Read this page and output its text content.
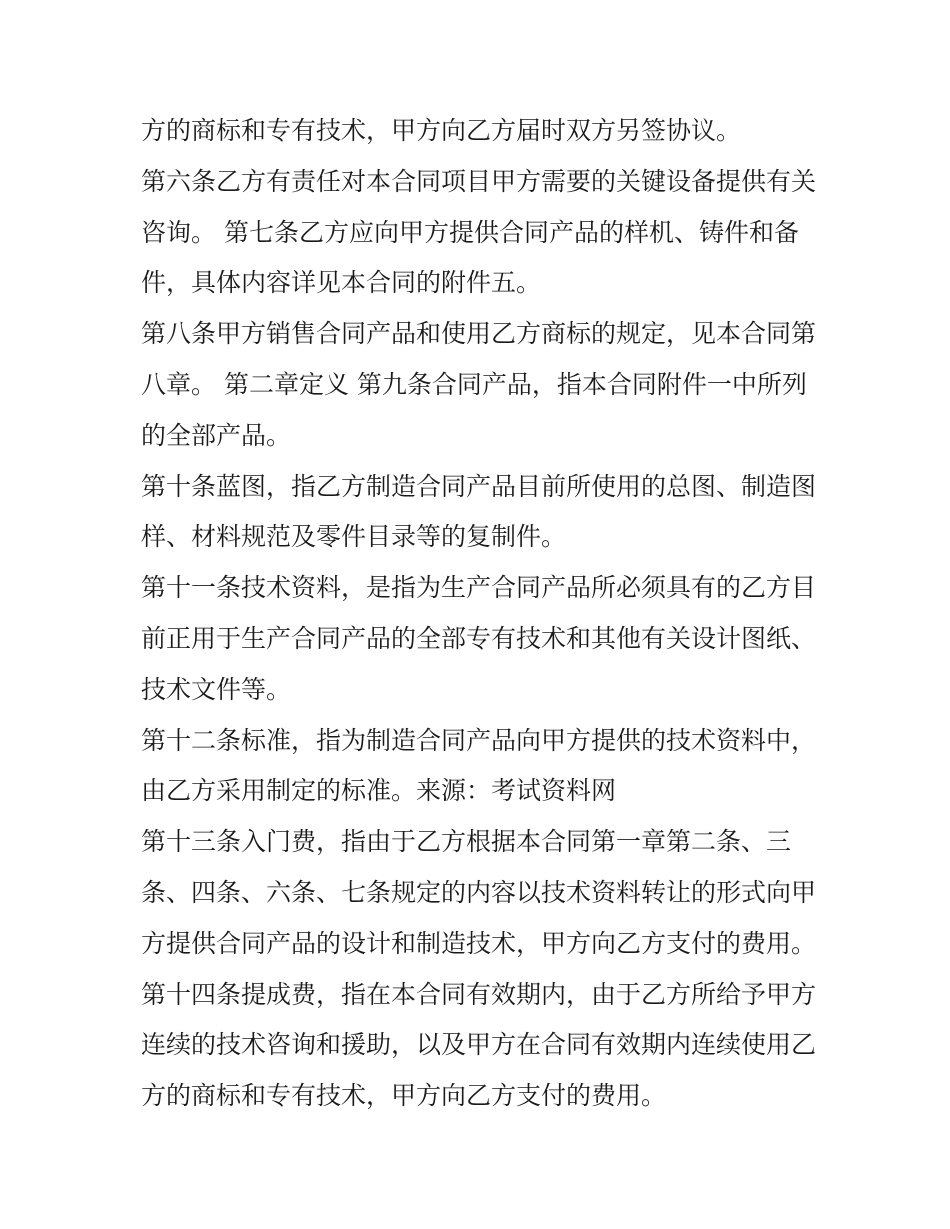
方的商标和专有技术，甲方向乙方届时双方另签协议。
第六条乙方有责任对本合同项目甲方需要的关键设备提供有关
咨询。 第七条乙方应向甲方提供合同产品的样机、铸件和备
件，具体内容详见本合同的附件五。
第八条甲方销售合同产品和使用乙方商标的规定，见本合同第
八章。 第二章定义 第九条合同产品，指本合同附件一中所列
的全部产品。
第十条蓝图，指乙方制造合同产品目前所使用的总图、制造图
样、材料规范及零件目录等的复制件。
第十一条技术资料，是指为生产合同产品所必须具有的乙方目
前正用于生产合同产品的全部专有技术和其他有关设计图纸、
技术文件等。
第十二条标准，指为制造合同产品向甲方提供的技术资料中，
由乙方采用制定的标准。来源：考试资料网
第十三条入门费，指由于乙方根据本合同第一章第二条、三
条、四条、六条、七条规定的内容以技术资料转让的形式向甲
方提供合同产品的设计和制造技术，甲方向乙方支付的费用。
第十四条提成费，指在本合同有效期内，由于乙方所给予甲方
连续的技术咨询和援助，以及甲方在合同有效期内连续使用乙
方的商标和专有技术，甲方向乙方支付的费用。
